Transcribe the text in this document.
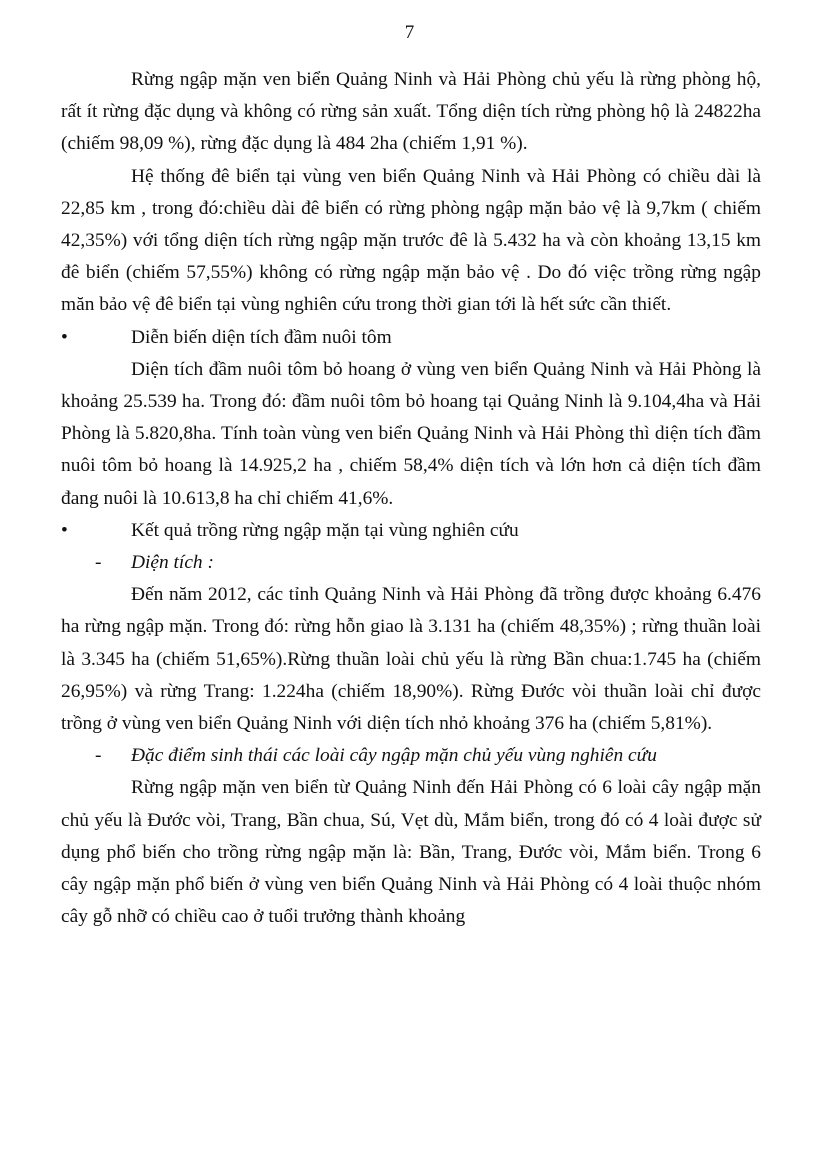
7

Rừng ngập mặn ven biển Quảng Ninh và Hải Phòng chủ yếu là rừng phòng hộ, rất ít rừng đặc dụng và không có rừng sản xuất. Tổng diện tích rừng phòng hộ là 24822ha (chiếm 98,09 %), rừng đặc dụng là 484 2ha (chiếm 1,91 %).

Hệ thống đê biển tại vùng ven biển Quảng Ninh và Hải Phòng có chiều dài là 22,85 km , trong đó:chiều dài đê biển có rừng phòng ngập mặn bảo vệ là 9,7km ( chiếm 42,35%) với tổng diện tích rừng ngập mặn trước đê là 5.432 ha và còn khoảng 13,15 km đê biển (chiếm 57,55%) không có rừng ngập mặn bảo vệ . Do đó việc trồng rừng ngập măn bảo vệ đê biển tại vùng nghiên cứu trong thời gian tới là hết sức cần thiết.

•	Diễn biến diện tích đầm nuôi tôm

Diện tích đầm nuôi tôm bỏ hoang ở vùng ven biển Quảng Ninh và Hải Phòng là khoảng 25.539 ha. Trong đó: đầm nuôi tôm bỏ hoang tại Quảng Ninh là 9.104,4ha và Hải Phòng là 5.820,8ha. Tính toàn vùng ven biển Quảng Ninh và Hải Phòng thì diện tích đầm nuôi tôm bỏ hoang là 14.925,2 ha , chiếm 58,4% diện tích và lớn hơn cả diện tích đầm đang nuôi là 10.613,8 ha chỉ chiếm 41,6%.

•	Kết quả trồng rừng ngập mặn tại vùng nghiên cứu

- Diện tích :

Đến năm 2012, các tỉnh Quảng Ninh và Hải Phòng đã trồng được khoảng 6.476 ha rừng ngập mặn. Trong đó: rừng hỗn giao là 3.131 ha (chiếm 48,35%) ; rừng thuần loài là 3.345 ha (chiếm 51,65%).Rừng thuần loài chủ yếu là rừng Bần chua:1.745 ha (chiếm 26,95%) và rừng Trang: 1.224ha (chiếm 18,90%). Rừng Đước vòi thuần loài chỉ được trồng ở vùng ven biển Quảng Ninh với diện tích nhỏ khoảng 376 ha (chiếm 5,81%).

- Đặc điểm sinh thái các loài cây ngập mặn chủ yếu vùng nghiên cứu

Rừng ngập mặn ven biển từ Quảng Ninh đến Hải Phòng có 6 loài cây ngập mặn chủ yếu là Đước vòi, Trang, Bần chua, Sú, Vẹt dù, Mắm biển, trong đó có 4 loài được sử dụng phổ biến cho trồng rừng ngập mặn là: Bần, Trang, Đước vòi, Mắm biển. Trong 6 cây ngập mặn phổ biến ở vùng ven biển Quảng Ninh và Hải Phòng có 4 loài thuộc nhóm cây gỗ nhỡ có chiều cao ở tuổi trưởng thành khoảng
